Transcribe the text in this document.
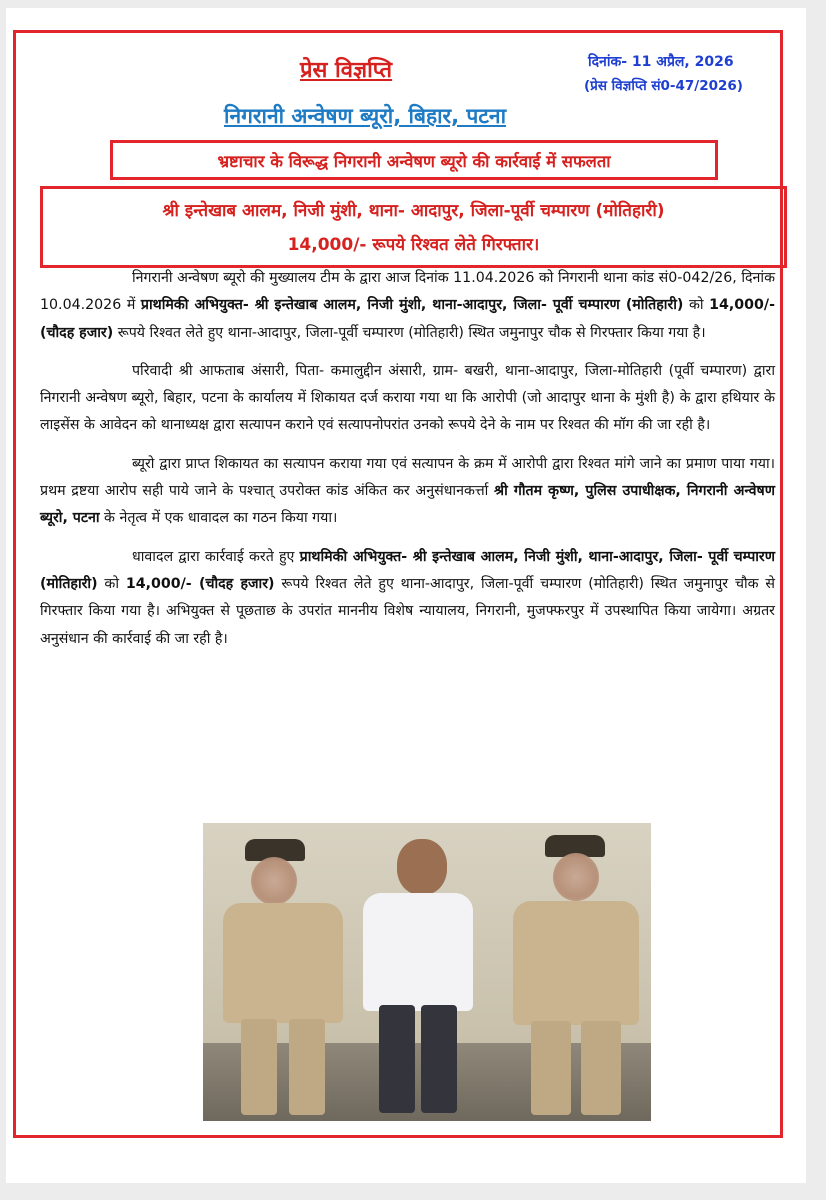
प्रेस विज्ञप्ति	दिनांक- 11 अप्रैल, 2026
(प्रेस विज्ञप्ति सं0-47/2026)
निगरानी अन्वेषण ब्यूरो, बिहार, पटना
भ्रष्टाचार के विरूद्ध निगरानी अन्वेषण ब्यूरो की कार्रवाई में सफलता
श्री इन्तेखाब आलम, निजी मुंशी, थाना- आदापुर, जिला-पूर्वी चम्पारण (मोतिहारी)
14,000/- रूपये रिश्वत लेते गिरफ्तार।

निगरानी अन्वेषण ब्यूरो की मुख्यालय टीम के द्वारा आज दिनांक 11.04.2026 को निगरानी थाना कांड सं0-042/26, दिनांक 10.04.2026 में प्राथमिकी अभियुक्त- श्री इन्तेखाब आलम, निजी मुंशी, थाना-आदापुर, जिला- पूर्वी चम्पारण (मोतिहारी) को 14,000/- (चौदह हजार) रूपये रिश्वत लेते हुए थाना-आदापुर, जिला-पूर्वी चम्पारण (मोतिहारी) स्थित जमुनापुर चौक से गिरफ्तार किया गया है।

परिवादी श्री आफताब अंसारी, पिता- कमालुद्दीन अंसारी, ग्राम- बखरी, थाना-आदापुर, जिला-मोतिहारी (पूर्वी चम्पारण) द्वारा निगरानी अन्वेषण ब्यूरो, बिहार, पटना के कार्यालय में शिकायत दर्ज कराया गया था कि आरोपी (जो आदापुर थाना के मुंशी है) के द्वारा हथियार के लाइसेंस के आवेदन को थानाध्यक्ष द्वारा सत्यापन कराने एवं सत्यापनोपरांत उनको रूपये देने के नाम पर रिश्वत की मॉग की जा रही है।

ब्यूरो द्वारा प्राप्त शिकायत का सत्यापन कराया गया एवं सत्यापन के क्रम में आरोपी द्वारा रिश्वत मांगे जाने का प्रमाण पाया गया। प्रथम द्रष्टया आरोप सही पाये जाने के पश्चात् उपरोक्त कांड अंकित कर अनुसंधानकर्त्ता श्री गौतम कृष्ण, पुलिस उपाधीक्षक, निगरानी अन्वेषण ब्यूरो, पटना के नेतृत्व में एक धावादल का गठन किया गया।

धावादल द्वारा कार्रवाई करते हुए प्राथमिकी अभियुक्त- श्री इन्तेखाब आलम, निजी मुंशी, थाना-आदापुर, जिला- पूर्वी चम्पारण (मोतिहारी) को 14,000/- (चौदह हजार) रूपये रिश्वत लेते हुए थाना-आदापुर, जिला-पूर्वी चम्पारण (मोतिहारी) स्थित जमुनापुर चौक से गिरफ्तार किया गया है। अभियुक्त से पूछताछ के उपरांत माननीय विशेष न्यायालय, निगरानी, मुजफ्फरपुर में उपस्थापित किया जायेगा। अग्रतर अनुसंधान की कार्रवाई की जा रही है।
